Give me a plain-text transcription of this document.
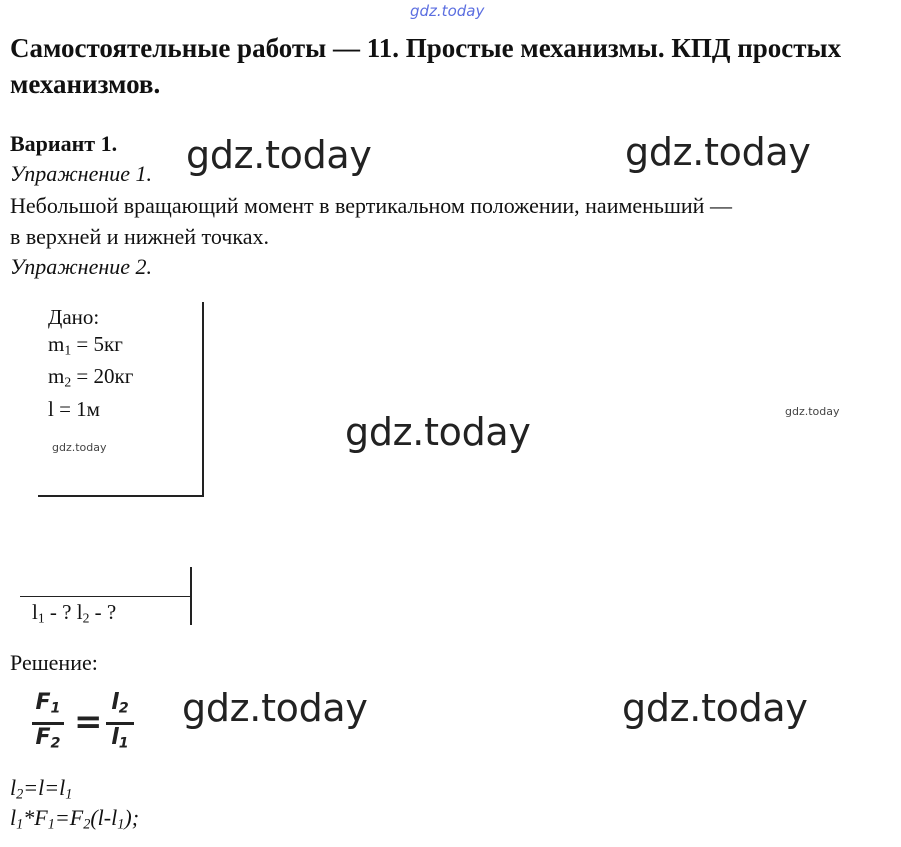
gdz.today
Самостоятельные работы — 11. Простые механизмы. КПД простых механизмов.
Вариант 1. gdz.today	gdz.today
Упражнение 1.
Небольшой вращающий момент в вертикальном положении, наименьший —
в верхней и нижней точках.
Упражнение 2.
Дано:
$m_1 = 5кг$
$m_2 = 20кг$
l = 1м
gdz.today	gdz.today	gdz.today
$l_1$ - ? $l_2$ - ?
Решение:
$F_1$
$F_2$
= $l_2$
$l_1$
gdz.today	gdz.today
$l_2=l=l_1$
$l_1*F_1=F_2(l-l_1)$;
